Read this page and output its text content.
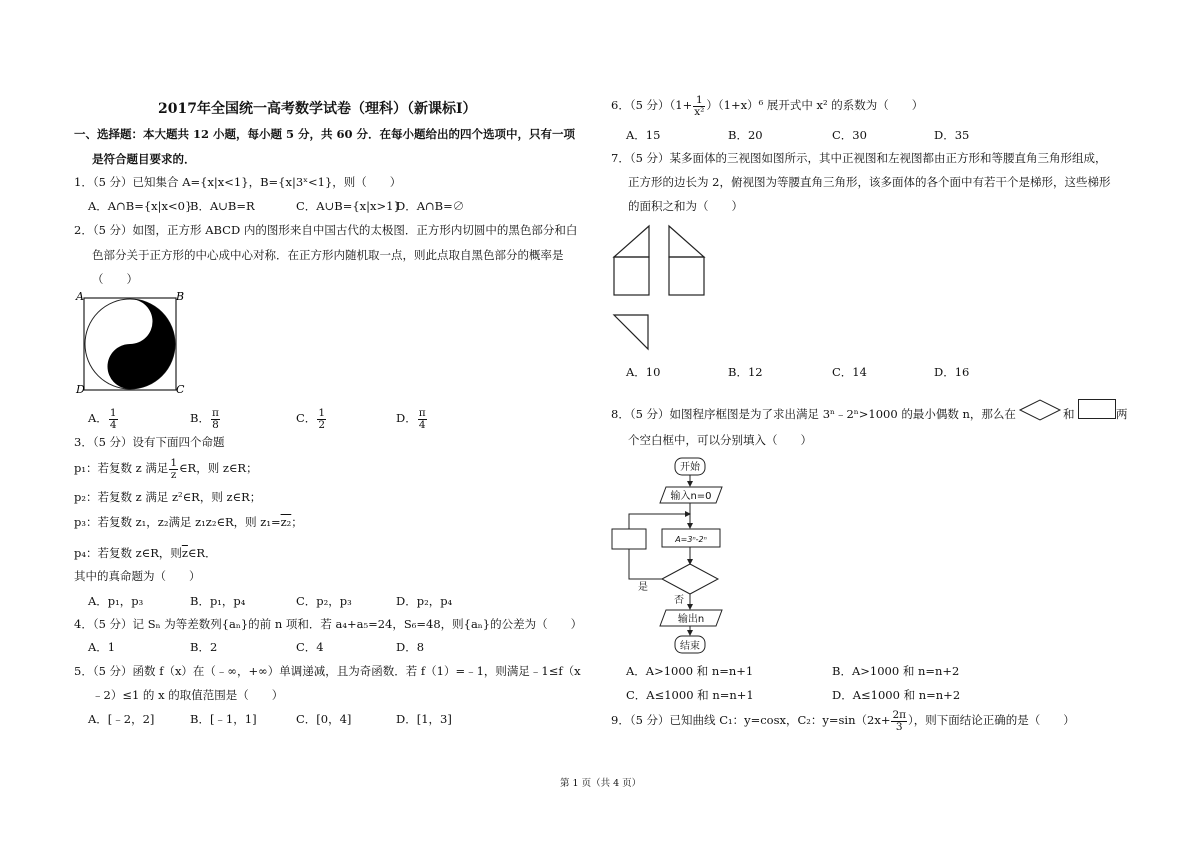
2017年全国统一高考数学试卷（理科）（新课标Ⅰ）
一、选择题：本大题共 12 小题，每小题 5 分，共 60 分．在每小题给出的四个选项中，只有一项
是符合题目要求的．
1．（5 分）已知集合 A={x|x<1}，B={x|3ˣ<1}，则（　　）
A．A∩B={x|x<0}
B．A∪B=R	C．A∪B={x|x>1}
D．A∩B=∅
2．（5 分）如图，正方形 ABCD 内的图形来自中国古代的太极图．正方形内切圆中的黑色部分和白
色部分关于正方形的中心成中心对称．在正方形内随机取一点，则此点取自黑色部分的概率是
（　　）
A	B
C
D
A． $\frac{1}{4}$	B． $\frac{\pi}{8}$	C． $\frac{1}{2}$	D． $\frac{\pi}{4}$
3．（5 分）设有下面四个命题
p₁：若复数 z 满足 $\frac{1}{z}$ ∈R，则 z∈R；
p₂：若复数 z 满足 z²∈R，则 z∈R；
p₃：若复数 z₁，z₂满足 z₁z₂∈R，则 z₁=z₂；
p₄：若复数 z∈R，则$\overline{z}\in R$．
其中的真命题为（　　）
A．p₁，p₃	B．p₁，p₄	C．p₂，p₃	D．p₂，p₄
4．（5 分）记 Sₙ 为等差数列{aₙ}的前 n 项和．若 a₄+a₅=24，S₆=48，则{aₙ}的公差为（　　）
A．1	B．2	C．4	D．8
5．（5 分）函数 f（x）在（﹣∞，+∞）单调递减，且为奇函数．若 f（1）=﹣1，则满足﹣1≤f（x
﹣2）≤1 的 x 的取值范围是（　　）
A．[﹣2，2]	B．[﹣1，1]	C．[0，4]	D．[1，3]
6．（5 分）$(1+ \frac{1}{\text{x²}} )(1+x)^6$ 展开式中 x² 的系数为（　　）
A．15	B．20	C．30	D．35
7．（5 分）某多面体的三视图如图所示，其中正视图和左视图都由正方形和等腰直角三角形组成，
正方形的边长为 2，俯视图为等腰直角三角形，该多面体的各个面中有若干个是梯形，这些梯形
的面积之和为（　　）
A．10	B．12	C．14	D．16
8．（5 分）如图程序框图是为了求出满足 3ⁿ﹣2ⁿ>1000 的最小偶数 n，那么在	和	两
个空白框中，可以分别填入（　　）
开始
输入n=0
A=3ⁿ-2ⁿ
是
否
输出n
结束
A．A>1000 和 n=n+1	B．A>1000 和 n=n+2
C．A≤1000 和 n=n+1	D．A≤1000 和 n=n+2
9．（5 分）已知曲线 C₁：y=cosx，C₂：$y=\sin(2x+ \frac{2\pi}{3}$ ），则下面结论正确的是（　　）
第 1 页（共 4 页）
